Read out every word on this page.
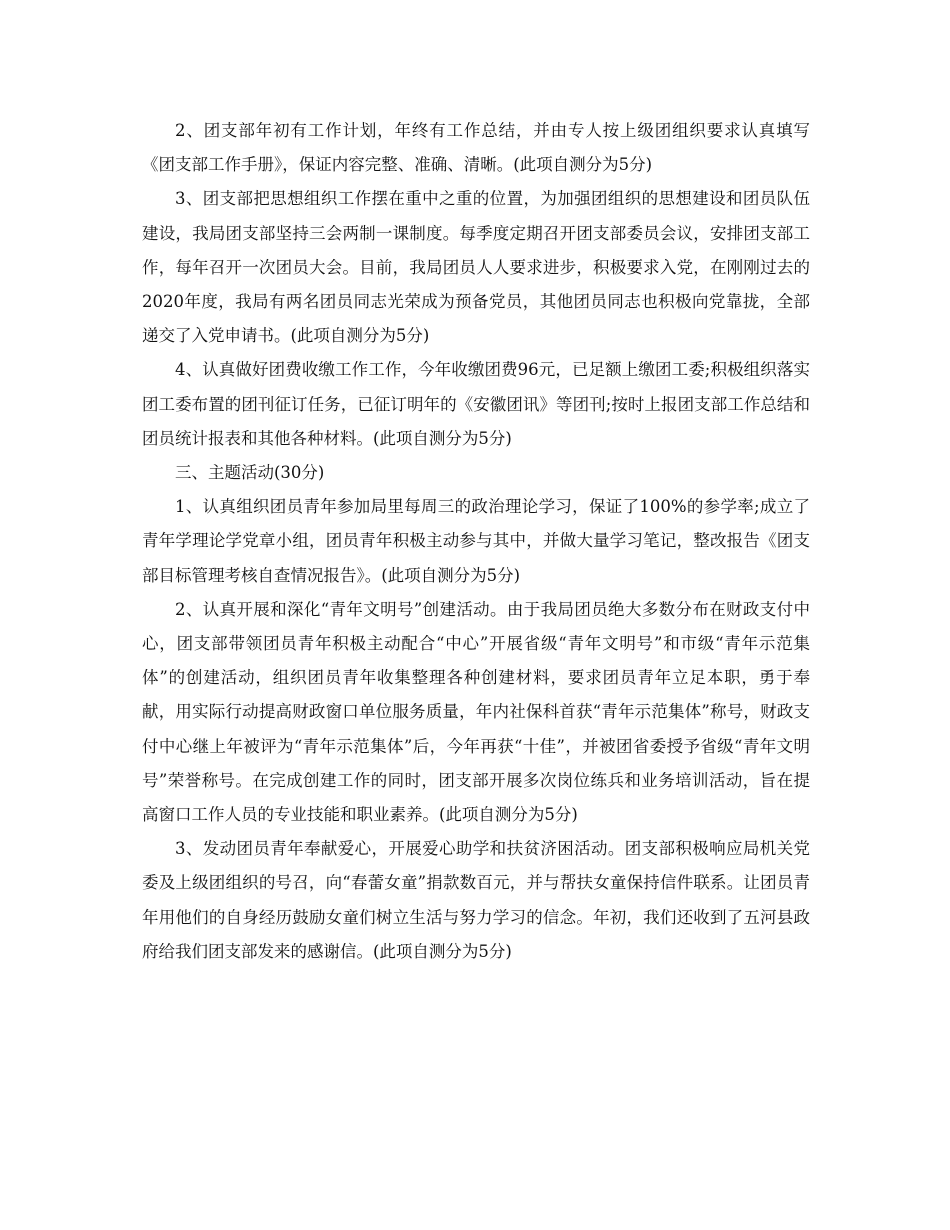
2、团支部年初有工作计划，年终有工作总结，并由专人按上级团组织要求认真填写《团支部工作手册》，保证内容完整、准确、清晰。(此项自测分为5分)

3、团支部把思想组织工作摆在重中之重的位置，为加强团组织的思想建设和团员队伍建设，我局团支部坚持三会两制一课制度。每季度定期召开团支部委员会议，安排团支部工作，每年召开一次团员大会。目前，我局团员人人要求进步，积极要求入党，在刚刚过去的2020年度，我局有两名团员同志光荣成为预备党员，其他团员同志也积极向党靠拢，全部递交了入党申请书。(此项自测分为5分)

4、认真做好团费收缴工作工作，今年收缴团费96元，已足额上缴团工委;积极组织落实团工委布置的团刊征订任务，已征订明年的《安徽团讯》等团刊;按时上报团支部工作总结和团员统计报表和其他各种材料。(此项自测分为5分)

三、主题活动(30分)

1、认真组织团员青年参加局里每周三的政治理论学习，保证了100%的参学率;成立了青年学理论学党章小组，团员青年积极主动参与其中，并做大量学习笔记，整改报告《团支部目标管理考核自查情况报告》。(此项自测分为5分)

2、认真开展和深化“青年文明号”创建活动。由于我局团员绝大多数分布在财政支付中心，团支部带领团员青年积极主动配合“中心”开展省级“青年文明号”和市级“青年示范集体”的创建活动，组织团员青年收集整理各种创建材料，要求团员青年立足本职，勇于奉献，用实际行动提高财政窗口单位服务质量，年内社保科首获“青年示范集体”称号，财政支付中心继上年被评为“青年示范集体”后，今年再获“十佳”，并被团省委授予省级“青年文明号”荣誉称号。在完成创建工作的同时，团支部开展多次岗位练兵和业务培训活动，旨在提高窗口工作人员的专业技能和职业素养。(此项自测分为5分)

3、发动团员青年奉献爱心，开展爱心助学和扶贫济困活动。团支部积极响应局机关党委及上级团组织的号召，向“春蕾女童”捐款数百元，并与帮扶女童保持信件联系。让团员青年用他们的自身经历鼓励女童们树立生活与努力学习的信念。年初，我们还收到了五河县政府给我们团支部发来的感谢信。(此项自测分为5分)
